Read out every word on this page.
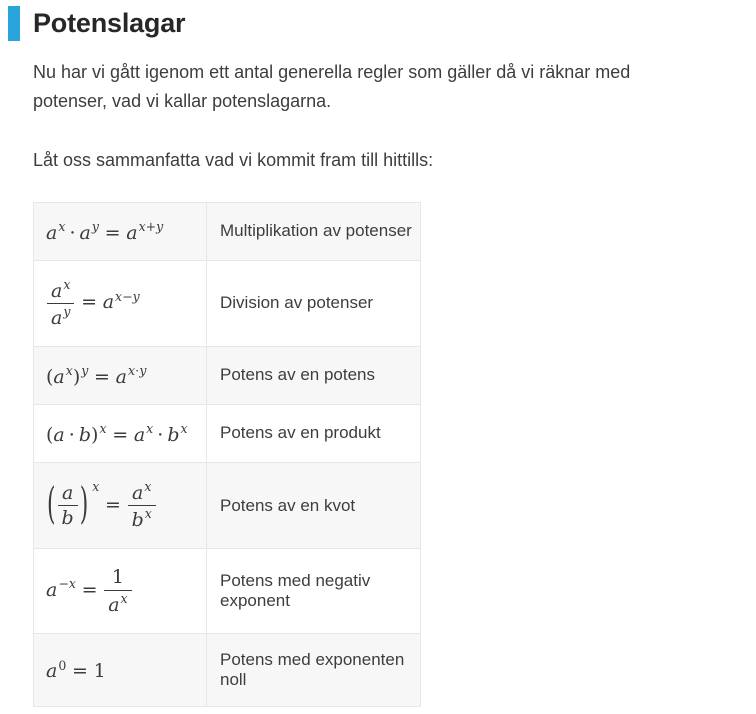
Potenslagar

Nu har vi gått igenom ett antal generella regler som gäller då vi räknar med potenser, vad vi kallar potenslagarna.

Låt oss sammanfatta vad vi kommit fram till hittills:

$a^x \cdot a^y = a^{x+y}$	Multiplikation av potenser

$\frac{a^x}{a^y} = a^{x-y}$	Division av potenser
$(a^x)^y = a^{x\cdot y}$	Potens av en potens
$(a \cdot b)^x = a^x \cdot b^x$	Potens av en produkt

( $\frac{a}{b}$ ) $^x= \frac{a^x}{b^x}$	Potens av en kvot
$a^{-x} = \frac{1}{a^x}$	Potens med negativ exponent
$a^0 = 1$	Potens med exponenten noll
